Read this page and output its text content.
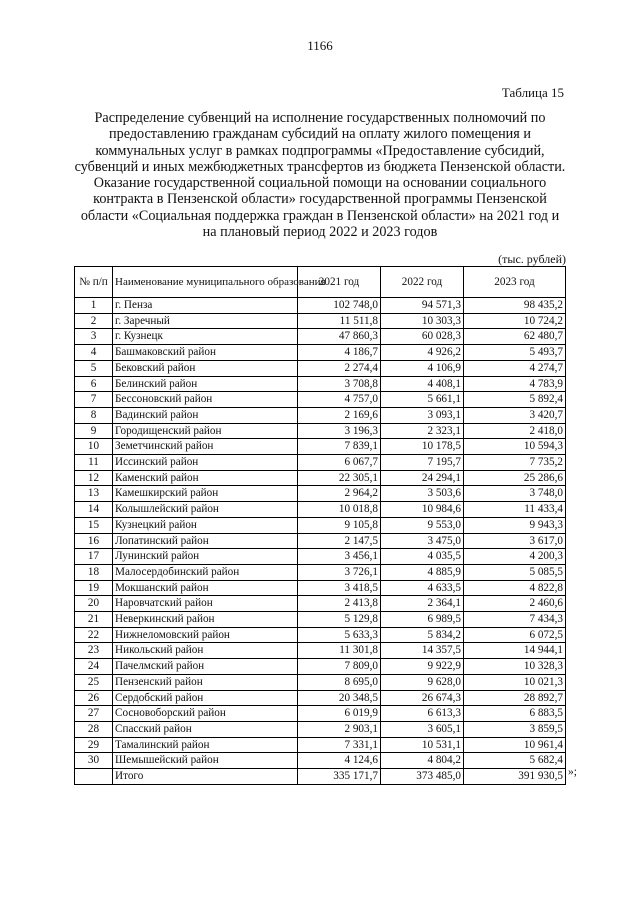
1166
Таблица 15
Распределение субвенций на исполнение государственных полномочий по предоставлению гражданам субсидий на оплату жилого помещения и коммунальных услуг в рамках подпрограммы «Предоставление субсидий, субвенций и иных межбюджетных трансфертов из бюджета Пензенской области. Оказание государственной социальной помощи на основании социального контракта в Пензенской области» государственной программы Пензенской области «Социальная поддержка граждан в Пензенской области» на 2021 год и на плановый период 2022 и 2023 годов
(тыс. рублей)
№ п/п	Наименование муниципального образования	2021 год	2022 год	2023 год
1	г. Пенза	102 748,0	94 571,3	98 435,2
2	г. Заречный	11 511,8	10 303,3	10 724,2
3	г. Кузнецк	47 860,3	60 028,3	62 480,7
4	Башмаковский район	4 186,7	4 926,2	5 493,7
5	Бековский район	2 274,4	4 106,9	4 274,7
6	Белинский район	3 708,8	4 408,1	4 783,9
7	Бессоновский район	4 757,0	5 661,1	5 892,4
8	Вадинский район	2 169,6	3 093,1	3 420,7
9	Городищенский район	3 196,3	2 323,1	2 418,0
10	Земетчинский район	7 839,1	10 178,5	10 594,3
11	Иссинский район	6 067,7	7 195,7	7 735,2
12	Каменский район	22 305,1	24 294,1	25 286,6
13	Камешкирский район	2 964,2	3 503,6	3 748,0
14	Колышлейский район	10 018,8	10 984,6	11 433,4
15	Кузнецкий район	9 105,8	9 553,0	9 943,3
16	Лопатинский район	2 147,5	3 475,0	3 617,0
17	Лунинский район	3 456,1	4 035,5	4 200,3
18	Малосердобинский район	3 726,1	4 885,9	5 085,5
19	Мокшанский район	3 418,5	4 633,5	4 822,8
20	Наровчатский район	2 413,8	2 364,1	2 460,6
21	Неверкинский район	5 129,8	6 989,5	7 434,3
22	Нижнеломовский район	5 633,3	5 834,2	6 072,5
23	Никольский район	11 301,8	14 357,5	14 944,1
24	Пачелмский район	7 809,0	9 922,9	10 328,3
25	Пензенский район	8 695,0	9 628,0	10 021,3
26	Сердобский район	20 348,5	26 674,3	28 892,7
27	Сосновоборский район	6 019,9	6 613,3	6 883,5
28	Спасский район	2 903,1	3 605,1	3 859,5
29	Тамалинский район	7 331,1	10 531,1	10 961,4
30	Шемышейский район	4 124,6	4 804,2	5 682,4
	Итого	335 171,7	373 485,0	391 930,5 »;
